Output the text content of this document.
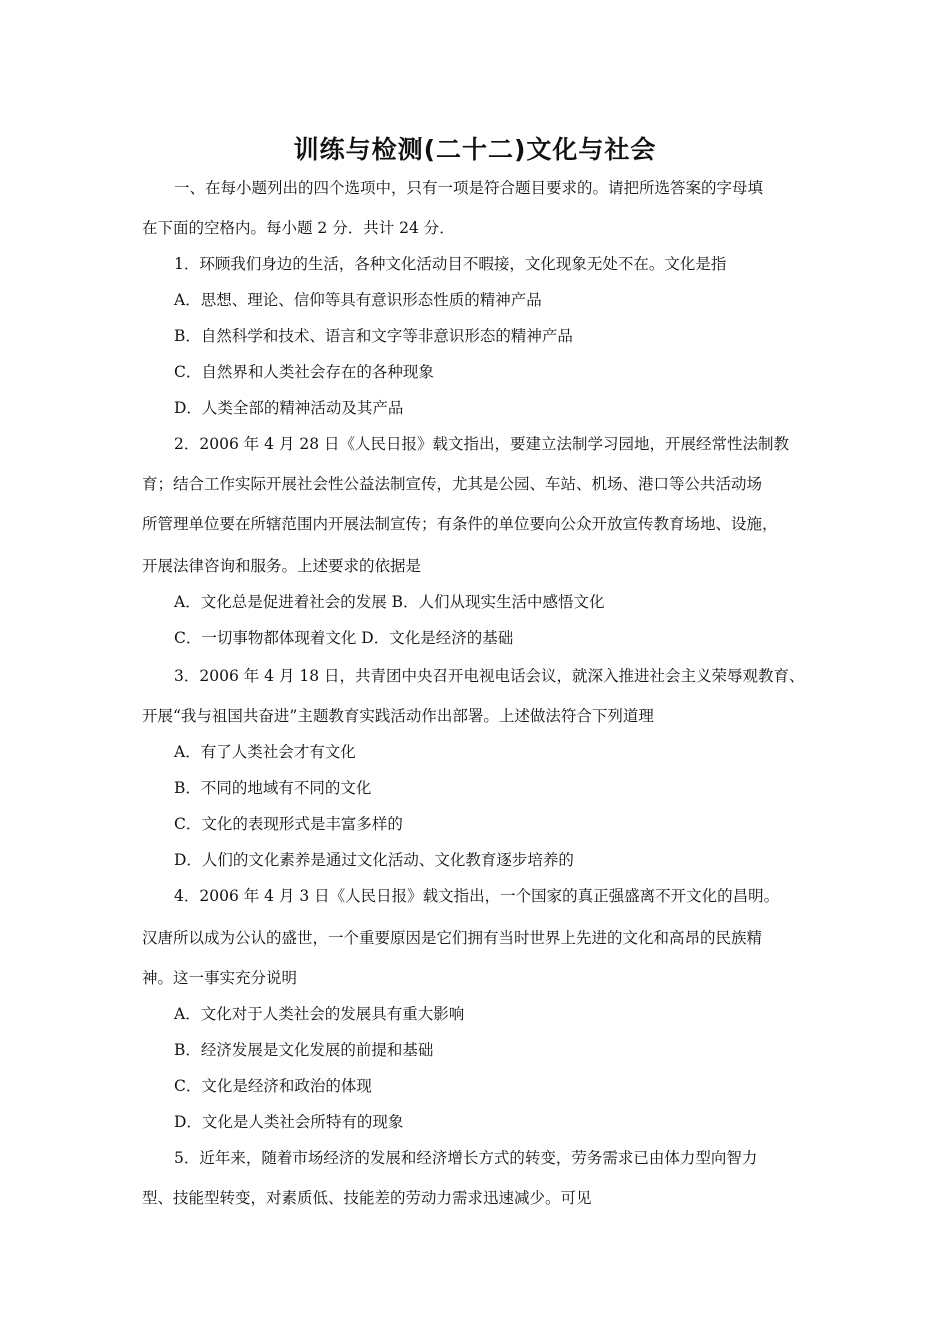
训练与检测(二十二)文化与社会
一、在每小题列出的四个选项中，只有一项是符合题目要求的。请把所选答案的字母填
在下面的空格内。每小题 2 分．共计 24 分．
1．环顾我们身边的生活，各种文化活动目不暇接，文化现象无处不在。文化是指
A．思想、理论、信仰等具有意识形态性质的精神产品
B．自然科学和技术、语言和文字等非意识形态的精神产品
C．自然界和人类社会存在的各种现象
D．人类全部的精神活动及其产品
2．2006 年 4 月 28 日《人民日报》载文指出，要建立法制学习园地，开展经常性法制教
育；结合工作实际开展社会性公益法制宣传，尤其是公园、车站、机场、港口等公共活动场
所管理单位要在所辖范围内开展法制宣传；有条件的单位要向公众开放宣传教育场地、设施，
开展法律咨询和服务。上述要求的依据是
A．文化总是促进着社会的发展 B．人们从现实生活中感悟文化
C．一切事物都体现着文化 D．文化是经济的基础
3．2006 年 4 月 18 日，共青团中央召开电视电话会议，就深入推进社会主义荣辱观教育、
开展“我与祖国共奋进”主题教育实践活动作出部署。上述做法符合下列道理
A．有了人类社会才有文化
B．不同的地域有不同的文化
C．文化的表现形式是丰富多样的
D．人们的文化素养是通过文化活动、文化教育逐步培养的
4．2006 年 4 月 3 日《人民日报》载文指出，一个国家的真正强盛离不开文化的昌明。
汉唐所以成为公认的盛世，一个重要原因是它们拥有当时世界上先进的文化和高昂的民族精
神。这一事实充分说明
A．文化对于人类社会的发展具有重大影响
B．经济发展是文化发展的前提和基础
C．文化是经济和政治的体现
D．文化是人类社会所特有的现象
5．近年来，随着市场经济的发展和经济增长方式的转变，劳务需求已由体力型向智力
型、技能型转变，对素质低、技能差的劳动力需求迅速减少。可见
